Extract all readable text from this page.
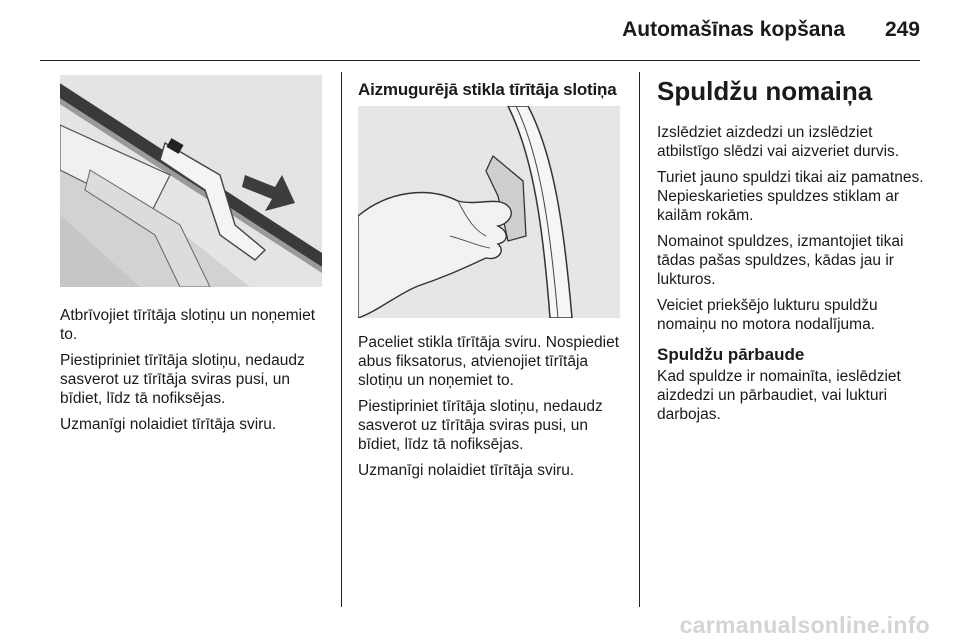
Automašīnas kopšana	249

Atbrīvojiet tīrītāja slotiņu un noņemiet to.

Piestipriniet tīrītāja slotiņu, nedaudz sasverot uz tīrītāja sviras pusi, un bīdiet, līdz tā nofiksējas.

Uzmanīgi nolaidiet tīrītāja sviru.

Aizmugurējā stikla tīrītāja slotiņa

Paceliet stikla tīrītāja sviru. Nospiediet abus fiksatorus, atvienojiet tīrītāja slotiņu un noņemiet to.

Piestipriniet tīrītāja slotiņu, nedaudz sasverot uz tīrītāja sviras pusi, un bīdiet, līdz tā nofiksējas.

Uzmanīgi nolaidiet tīrītāja sviru.

Spuldžu nomaiņa

Izslēdziet aizdedzi un izslēdziet atbilstīgo slēdzi vai aizveriet durvis.

Turiet jauno spuldzi tikai aiz pamatnes. Nepieskarieties spuldzes stiklam ar kailām rokām.

Nomainot spuldzes, izmantojiet tikai tādas pašas spuldzes, kādas jau ir lukturos.

Veiciet priekšējo lukturu spuldžu nomaiņu no motora nodalījuma.

Spuldžu pārbaude

Kad spuldze ir nomainīta, ieslēdziet aizdedzi un pārbaudiet, vai lukturi darbojas.

carmanualsonline.info
